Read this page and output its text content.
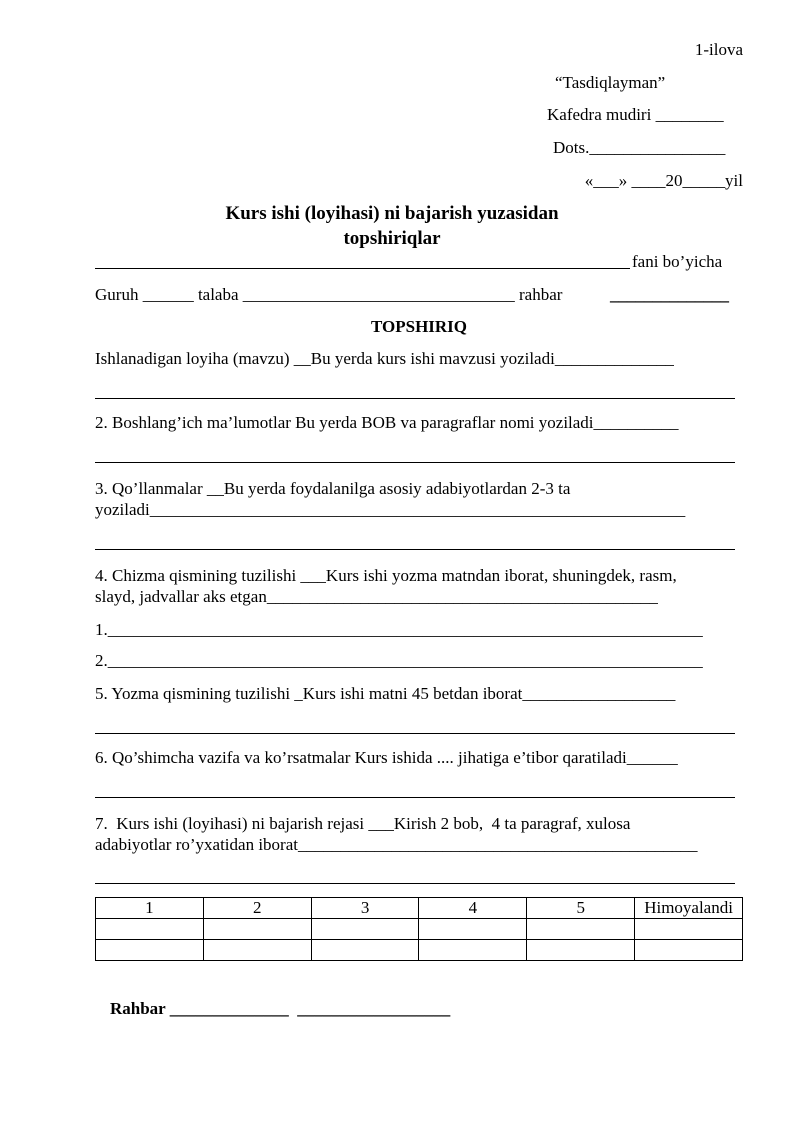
1-ilova
“Tasdiqlayman”
Kafedra mudiri ________
Dots.________________
«___» ____20_____yil
Kurs ishi (loyihasi) ni bajarish yuzasidan
topshiriqlar
fani bo’yicha
Guruh ______ talaba ________________________________ rahbar	______________
TOPSHIRIQ
Ishlanadigan loyiha (mavzu) __Bu yerda kurs ishi mavzusi yoziladi______________
2. Boshlang’ich ma’lumotlar Bu yerda BOB va paragraflar nomi yoziladi__________
3. Qo’llanmalar __Bu yerda foydalanilga asosiy adabiyotlardan 2-3 ta
yoziladi_______________________________________________________________
4. Chizma qismining tuzilishi ___Kurs ishi yozma matndan iborat, shuningdek, rasm,
slayd, jadvallar aks etgan______________________________________________
1.______________________________________________________________________
2.______________________________________________________________________
5. Yozma qismining tuzilishi _Kurs ishi matni 45 betdan iborat__________________
6. Qo’shimcha vazifa va ko’rsatmalar Kurs ishida .... jihatiga e’tibor qaratiladi______
7.  Kurs ishi (loyihasi) ni bajarish rejasi ___Kirish 2 bob,  4 ta paragraf, xulosa
adabiyotlar ro’yxatidan iborat_______________________________________________
1	2	3	4	5	Himoyalandi

Rahbar ______________  __________________
